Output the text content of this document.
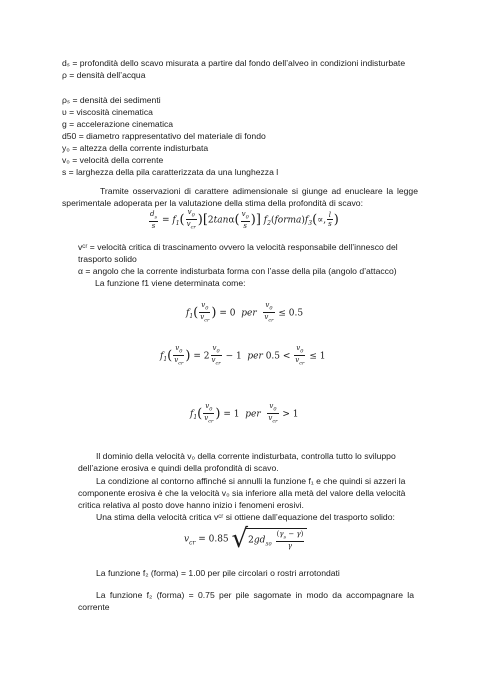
dₛ = profondità dello scavo misurata a partire dal fondo dell’alveo in condizioni indisturbate
ρ = densità dell’acqua
ρₛ = densità dei sedimenti
υ = viscosità cinematica
g = accelerazione cinematica
d50 = diametro rappresentativo del materiale di fondo
y₀ = altezza della corrente indisturbata
v₀ = velocità della corrente
s = larghezza della pila caratterizzata da una lunghezza l
Tramite osservazioni di carattere adimensionale si giunge ad enucleare la legge
sperimentale adoperata per la valutazione della stima della profondità di scavo:
$\frac{d_s}{s} = f_1( \frac{v_0}{v_{cr}} )[2\tan\alpha( \frac{v_0}{s}$ )] $f_2(forma)f_3(\propto$, $\frac{l}{s}$ )
vᶜʳ = velocità critica di trascinamento ovvero la velocità responsabile dell’innesco del
trasporto solido
α = angolo che la corrente indisturbata forma con l’asse della pila (angolo d’attacco)
La funzione f1 viene determinata come:
$f_1( \frac{v_0}{v_{cr}}$ ) = 0  per $\frac{v_0}{v_{cr}} \le 0.5$
$f_1( \frac{v_0}{v_{cr}}$ ) = $2 \frac{v_0}{v_{cr}} - 1$  per $0.5 < \frac{v_0}{v_{cr}} \le 1$
$f_1( \frac{v_0}{v_{cr}}$ ) = 1  per $\frac{v_0}{v_{cr}} > 1$
Il dominio della velocità v₀ della corrente indisturbata, controlla tutto lo sviluppo
dell’azione erosiva e quindi della profondità di scavo.
La condizione al contorno affinché si annulli la funzione f₁ e che quindi si azzeri la
componente erosiva è che la velocità v₀ sia inferiore alla metà del valore della velocità
critica relativa al posto dove hanno inizio i fenomeni erosivi.
Una stima della velocità critica vᶜʳ si ottiene dall’equazione del trasporto solido:
$v_{cr} = 0.85$ $√2gd_{50} \frac{(\gamma_s - \gamma)}{\gamma}$
La funzione f₂ (forma) = 1.00 per pile circolari o rostri arrotondati
La funzione f₂ (forma) = 0.75 per pile sagomate in modo da accompagnare la
corrente
